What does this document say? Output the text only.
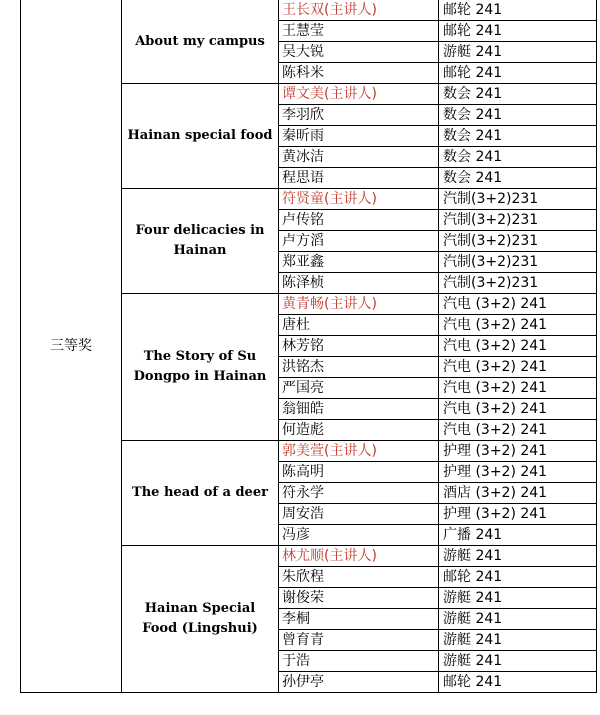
三等奖	About my campus	王长双(主讲人)	邮轮 241
		王慧莹	邮轮 241
		吴大锐	游艇 241
		陈科米	邮轮 241
	Hainan special food	谭文美(主讲人)	数会 241
		李羽欣	数会 241
		秦昕雨	数会 241
		黄冰洁	数会 241
		程思语	数会 241
	Four delicacies in Hainan	符贤童(主讲人)	汽制(3+2)231
		卢传铭	汽制(3+2)231
		卢方滔	汽制(3+2)231
		郑亚鑫	汽制(3+2)231
		陈泽桢	汽制(3+2)231
	The Story of Su Dongpo in Hainan	黄青畅(主讲人)	汽电 (3+2) 241
		唐杜	汽电 (3+2) 241
		林芳铭	汽电 (3+2) 241
		洪铭杰	汽电 (3+2) 241
		严国亮	汽电 (3+2) 241
		翁钿皓	汽电 (3+2) 241
		何造彪	汽电 (3+2) 241
	The head of a deer	郭美萱(主讲人)	护理 (3+2) 241
		陈高明	护理 (3+2) 241
		符永学	酒店 (3+2) 241
		周安浩	护理 (3+2) 241
		冯彦	广播 241
	Hainan Special Food (Lingshui)	林尤顺(主讲人)	游艇 241
		朱欣程	邮轮 241
		谢俊荣	游艇 241
		李桐	游艇 241
		曾育青	游艇 241
		于浩	游艇 241
		孙伊亭	邮轮 241
